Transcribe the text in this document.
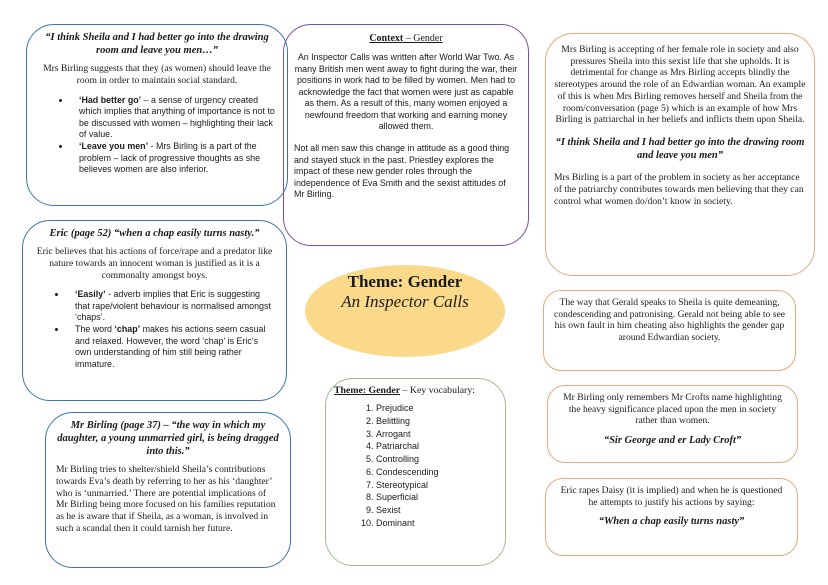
“I think Sheila and I had better go into the drawing room and leave you men…”

Mrs Birling suggests that they (as women) should leave the room in order to maintain social standard.

• ‘Had better go’ – a sense of urgency created which implies that anything of importance is not to be discussed with women – highlighting their lack of value.
• ‘Leave you men’ - Mrs Birling is a part of the problem – lack of progressive thoughts as she believes women are also inferior.

Eric (page 52) “when a chap easily turns nasty.”

Eric believes that his actions of force/rape and a predator like nature towards an innocent woman is justified as it is a commonalty amongst boys.

• ‘Easily’ - adverb implies that Eric is suggesting that rape/violent behaviour is normalised amongst ‘chaps’.
• The word ‘chap’ makes his actions seem casual and relaxed. However, the word ‘chap’ is Eric’s own understanding of him still being rather immature.

Mr Birling (page 37) – “the way in which my daughter, a young unmarried girl, is being dragged into this.”

Mr Birling tries to shelter/shield Sheila’s contributions towards Eva’s death by referring to her as his ‘daughter’ who is ‘unmarried.’ There are potential implications of Mr Birling being more focused on his families reputation as he is aware that if Sheila, as a woman, is involved in such a scandal then it could tarnish her future.

Context – Gender

An Inspector Calls was written after World War Two. As many British men went away to fight during the war, their positions in work had to be filled by women. Men had to acknowledge the fact that women were just as capable as them. As a result of this, many women enjoyed a newfound freedom that working and earning money allowed them.

Not all men saw this change in attitude as a good thing and stayed stuck in the past. Priestley explores the impact of these new gender roles through the independence of Eva Smith and the sexist attitudes of Mr Birling.

Theme: Gender
An Inspector Calls

Theme: Gender – Key vocabulary:

1. Prejudice
2. Belittling
3. Arrogant
4. Patriarchal
5. Controlling
6. Condescending
7. Stereotypical
8. Superficial
9. Sexist
10. Dominant

Mrs Birling is accepting of her female role in society and also pressures Sheila into this sexist life that she upholds. It is detrimental for change as Mrs Birling accepts blindly the stereotypes around the role of an Edwardian woman. An example of this is when Mrs Birling removes herself and Sheila from the room/conversation (page 5) which is an example of how Mrs Birling is patriarchal in her beliefs and inflicts them upon Sheila.

“I think Sheila and I had better go into the drawing room and leave you men”

Mrs Birling is a part of the problem in society as her acceptance of the patriarchy contributes towards men believing that they can control what women do/don’t know in society.

The way that Gerald speaks to Sheila is quite demeaning, condescending and patronising. Gerald not being able to see his own fault in him cheating also highlights the gender gap around Edwardian society.

Mr Birling only remembers Mr Crofts name highlighting the heavy significance placed upon the men in society rather than women.

“Sir George and er Lady Croft”

Eric rapes Daisy (it is implied) and when he is questioned he attempts to justify his actions by saying:

“When a chap easily turns nasty”
